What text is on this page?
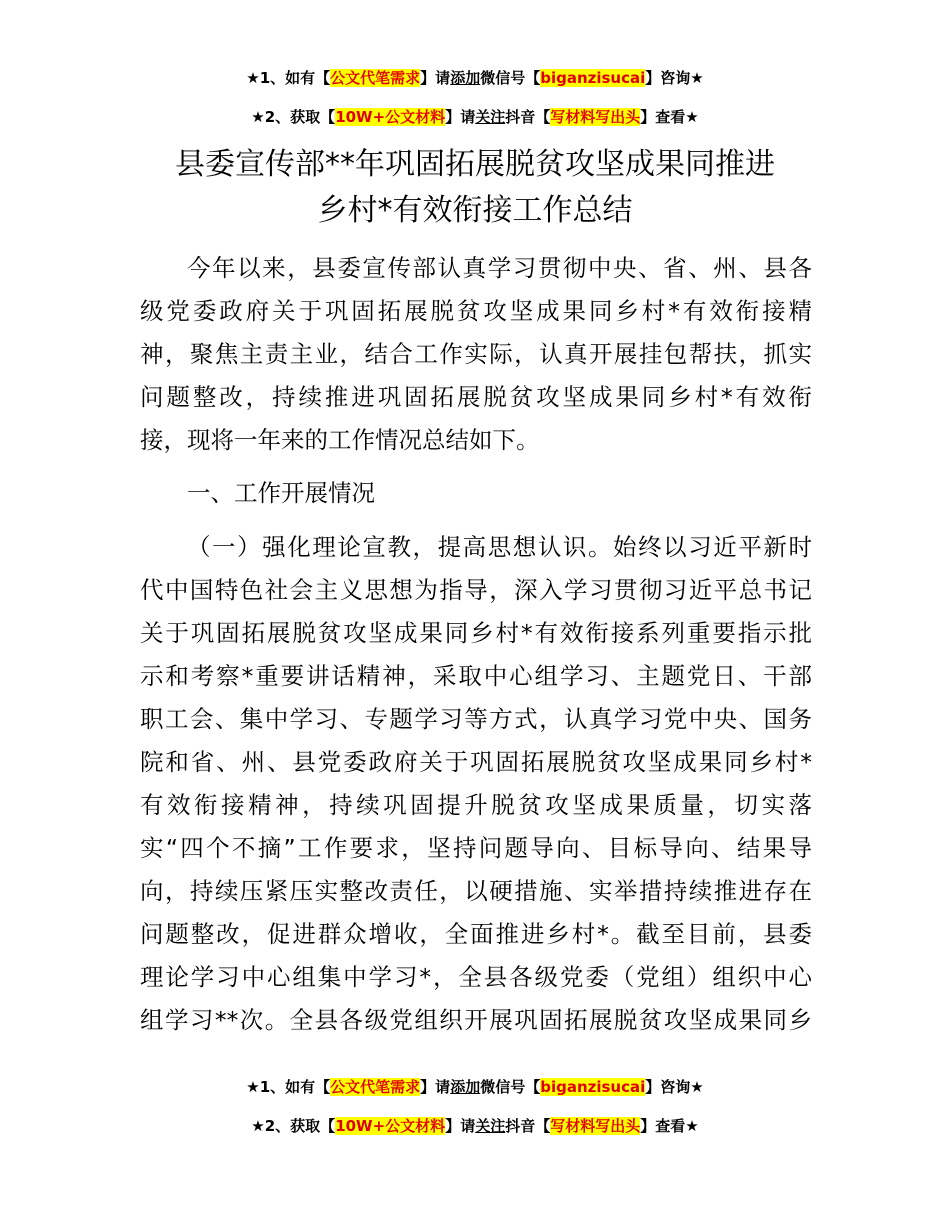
★1、如有【公文代笔需求】请添加微信号【biganzisucai】咨询★
★2、获取【10W+公文材料】请关注抖音【写材料写出头】查看★
县委宣传部**年巩固拓展脱贫攻坚成果同推进
乡村*有效衔接工作总结
今年以来，县委宣传部认真学习贯彻中央、省、州、县各
级党委政府关于巩固拓展脱贫攻坚成果同乡村*有效衔接精
神，聚焦主责主业，结合工作实际，认真开展挂包帮扶，抓实
问题整改，持续推进巩固拓展脱贫攻坚成果同乡村*有效衔
接，现将一年来的工作情况总结如下。
一、工作开展情况
（一）强化理论宣教，提高思想认识。始终以习近平新时
代中国特色社会主义思想为指导，深入学习贯彻习近平总书记
关于巩固拓展脱贫攻坚成果同乡村*有效衔接系列重要指示批
示和考察*重要讲话精神，采取中心组学习、主题党日、干部
职工会、集中学习、专题学习等方式，认真学习党中央、国务
院和省、州、县党委政府关于巩固拓展脱贫攻坚成果同乡村*
有效衔接精神，持续巩固提升脱贫攻坚成果质量，切实落
实“四个不摘”工作要求，坚持问题导向、目标导向、结果导
向，持续压紧压实整改责任，以硬措施、实举措持续推进存在
问题整改，促进群众增收，全面推进乡村*。截至目前，县委
理论学习中心组集中学习*，全县各级党委（党组）组织中心
组学习**次。全县各级党组织开展巩固拓展脱贫攻坚成果同乡
★1、如有【公文代笔需求】请添加微信号【biganzisucai】咨询★
★2、获取【10W+公文材料】请关注抖音【写材料写出头】查看★
